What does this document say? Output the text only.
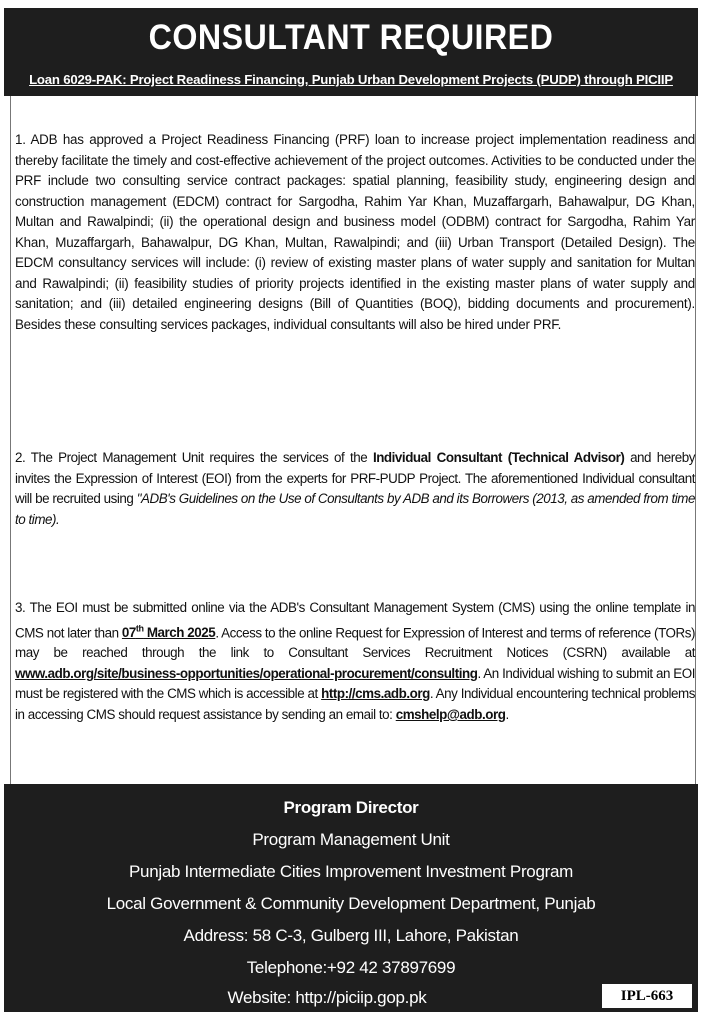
CONSULTANT REQUIRED
Loan 6029-PAK: Project Readiness Financing, Punjab Urban Development Projects (PUDP) through PICIIP
1. ADB has approved a Project Readiness Financing (PRF) loan to increase project implementation readiness and thereby facilitate the timely and cost-effective achievement of the project outcomes. Activities to be conducted under the PRF include two consulting service contract packages: spatial planning, feasibility study, engineering design and construction management (EDCM) contract for Sargodha, Rahim Yar Khan, Muzaffargarh, Bahawalpur, DG Khan, Multan and Rawalpindi; (ii) the operational design and business model (ODBM) contract for Sargodha, Rahim Yar Khan, Muzaffargarh, Bahawalpur, DG Khan, Multan, Rawalpindi; and (iii) Urban Transport (Detailed Design). The EDCM consultancy services will include: (i) review of existing master plans of water supply and sanitation for Multan and Rawalpindi; (ii) feasibility studies of priority projects identified in the existing master plans of water supply and sanitation; and (iii) detailed engineering designs (Bill of Quantities (BOQ), bidding documents and procurement). Besides these consulting services packages, individual consultants will also be hired under PRF.
2. The Project Management Unit requires the services of the Individual Consultant (Technical Advisor) and hereby invites the Expression of Interest (EOI) from the experts for PRF-PUDP Project. The aforementioned Individual consultant will be recruited using "ADB's Guidelines on the Use of Consultants by ADB and its Borrowers (2013, as amended from time to time).
3. The EOI must be submitted online via the ADB's Consultant Management System (CMS) using the online template in CMS not later than 07th March 2025. Access to the online Request for Expression of Interest and terms of reference (TORs) may be reached through the link to Consultant Services Recruitment Notices (CSRN) available at www.adb.org/site/business-opportunities/operational-procurement/consulting. An Individual wishing to submit an EOI must be registered with the CMS which is accessible at http://cms.adb.org. Any Individual encountering technical problems in accessing CMS should request assistance by sending an email to: cmshelp@adb.org.
Program Director
Program Management Unit
Punjab Intermediate Cities Improvement Investment Program
Local Government & Community Development Department, Punjab
Address: 58 C-3, Gulberg III, Lahore, Pakistan
Telephone:+92 42 37897699
Website: http://piciip.gop.pk	IPL-663
